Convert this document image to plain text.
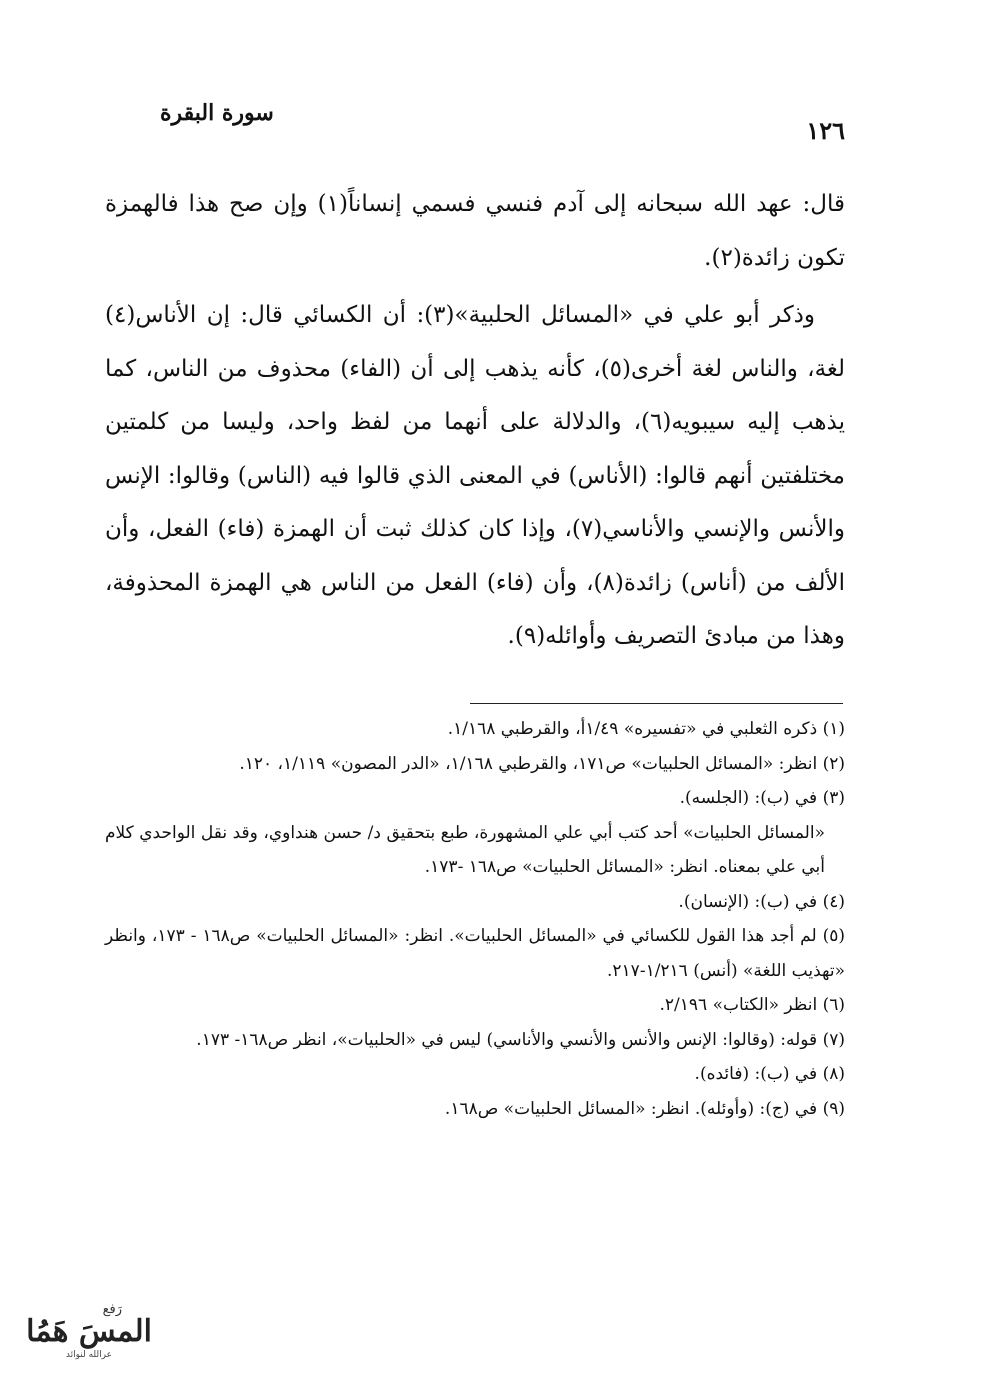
١٢٦
سورة البقرة

قال: عهد الله سبحانه إلى آدم فنسي فسمي إنساناً(١) وإن صح هذا فالهمزة تكون زائدة(٢).

وذكر أبو علي في «المسائل الحلبية»(٣): أن الكسائي قال: إن الأناس(٤) لغة، والناس لغة أخرى(٥)، كأنه يذهب إلى أن (الفاء) محذوف من الناس، كما يذهب إليه سيبويه(٦)، والدلالة على أنهما من لفظ واحد، وليسا من كلمتين مختلفتين أنهم قالوا: (الأناس) في المعنى الذي قالوا فيه (الناس) وقالوا: الإنس والأنس والإنسي والأناسي(٧)، وإذا كان كذلك ثبت أن الهمزة (فاء) الفعل، وأن الألف من (أناس) زائدة(٨)، وأن (فاء) الفعل من الناس هي الهمزة المحذوفة، وهذا من مبادئ التصريف وأوائله(٩).

(١) ذكره الثعلبي في «تفسيره» ١/٤٩أ، والقرطبي ١/١٦٨.

(٢) انظر: «المسائل الحلبيات» ص١٧١، والقرطبي ١/١٦٨، «الدر المصون» ١/١١٩، ١٢٠.

(٣) في (ب): (الجلسه).

«المسائل الحلبيات» أحد كتب أبي علي المشهورة، طبع بتحقيق د/ حسن هنداوي، وقد نقل الواحدي كلام أبي علي بمعناه. انظر: «المسائل الحلبيات» ص١٦٨ -١٧٣.

(٤) في (ب): (الإنسان).

(٥) لم أجد هذا القول للكسائي في «المسائل الحلبيات». انظر: «المسائل الحلبيات» ص١٦٨ - ١٧٣، وانظر «تهذيب اللغة» (أنس) ١/٢١٦-٢١٧.

(٦) انظر «الكتاب» ٢/١٩٦.

(٧) قوله: (وقالوا: الإنس والأنس والأنسي والأناسي) ليس في «الحلبيات»، انظر ص١٦٨- ١٧٣.

(٨) في (ب): (فائده).

(٩) في (ج): (وأوئله). انظر: «المسائل الحلبيات» ص١٦٨.

رَفع
المسَ هَمُا
عرالله لنوائد
